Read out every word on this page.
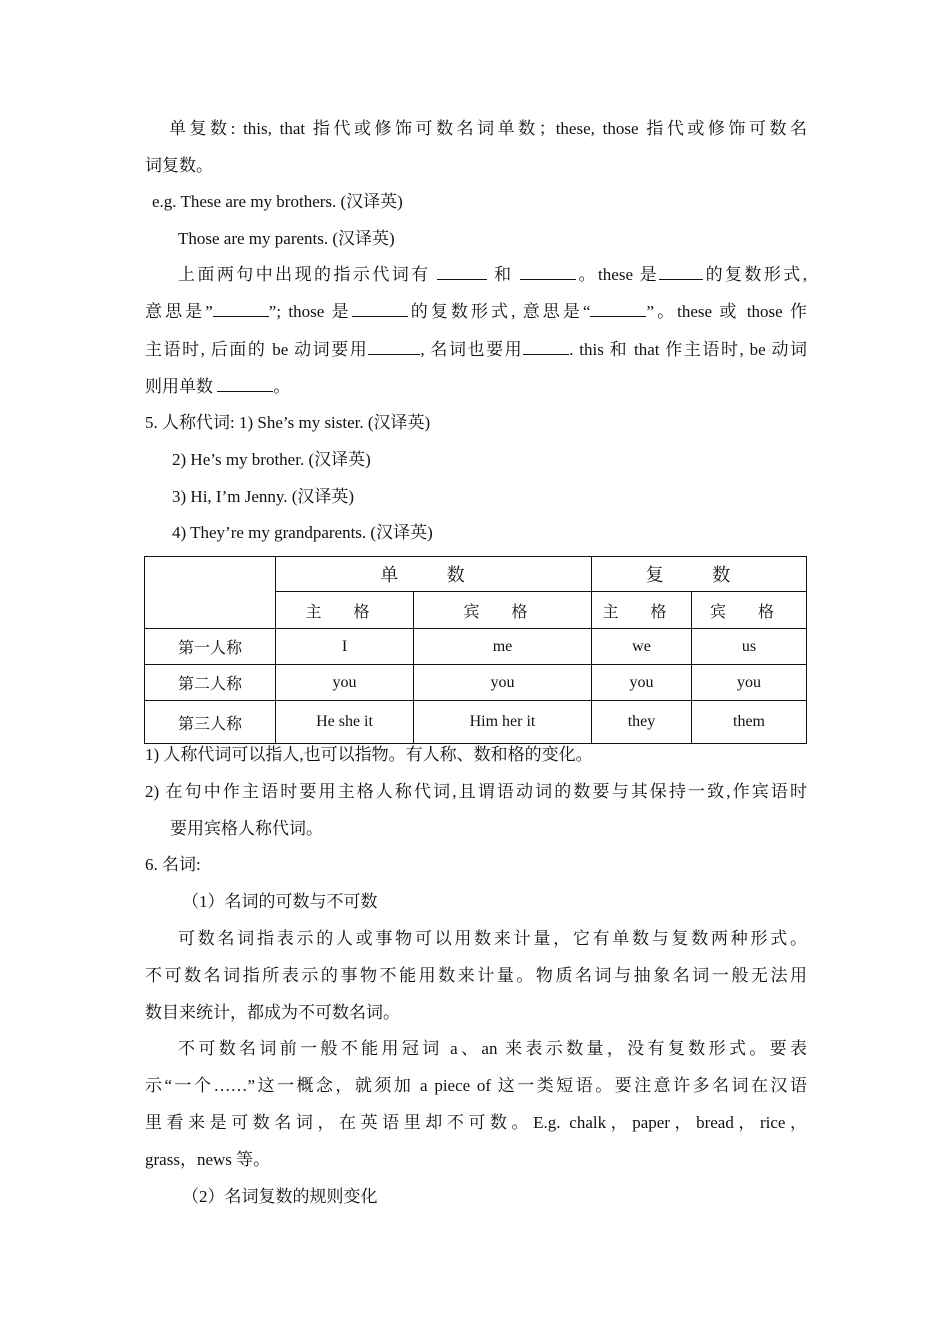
单复数: this, that 指代或修饰可数名词单数；these, those 指代或修饰可数名
词复数。
e.g. These are my brothers. (汉译英)
Those are my parents. (汉译英)
上面两句中出现的指示代词有	和	。these 是	的复数形式,
意思是”	”; those 是	的复数形式, 意思是“	”。these 或 those 作
主语时, 后面的 be 动词要用	, 名词也要用	. this 和 that 作主语时, be 动词
则用单数	。
5. 人称代词: 1) She’s my sister. (汉译英)
2) He’s my brother. (汉译英)
3) Hi, I’m Jenny. (汉译英)
4) They’re my grandparents. (汉译英)
	单 数		复 数	
	主 格	宾 格	主 格	宾 格
第一人称	I	me	we	us
第二人称	you	you	you	you
第三人称	He she it	Him her it	they	them
1) 人称代词可以指人,也可以指物。有人称、数和格的变化。
2) 在句中作主语时要用主格人称代词,且谓语动词的数要与其保持一致,作宾语时
要用宾格人称代词。
6. 名词:
（1）名词的可数与不可数
可数名词指表示的人或事物可以用数来计量，它有单数与复数两种形式。
不可数名词指所表示的事物不能用数来计量。物质名词与抽象名词一般无法用
数目来统计，都成为不可数名词。
不可数名词前一般不能用冠词 a、an 来表示数量，没有复数形式。要表
示“一个……”这一概念，就须加 a piece of 这一类短语。要注意许多名词在汉语
里看来是可数名词，在英语里却不可数。E.g. chalk，paper，bread，rice，
grass，news 等。
（2）名词复数的规则变化
